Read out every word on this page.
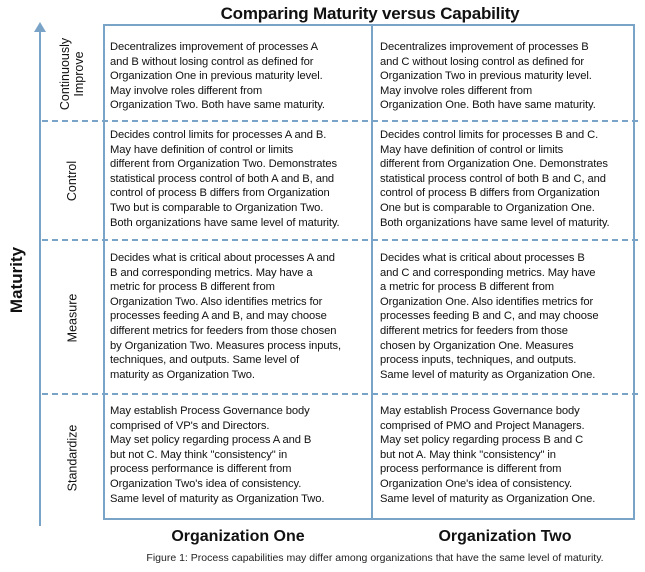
Comparing Maturity versus Capability
Maturity
Continuously
Improve
Control
Measure
Standardize

Decentralizes improvement of processes A
and B without losing control as defined for
Organization One in previous maturity level.
May involve roles different from
Organization Two. Both have same maturity.

Decentralizes improvement of processes B
and C without losing control as defined for
Organization Two in previous maturity level.
May involve roles different from
Organization One. Both have same maturity.

Decides control limits for processes A and B.
May have definition of control or limits
different from Organization Two. Demonstrates
statistical process control of both A and B, and
control of process B differs from Organization
Two but is comparable to Organization Two.
Both organizations have same level of maturity.

Decides control limits for processes B and C.
May have definition of control or limits
different from Organization One. Demonstrates
statistical process control of both B and C, and
control of process B differs from Organization
One but is comparable to Organization One.
Both organizations have same level of maturity.

Decides what is critical about processes A and
B and corresponding metrics. May have a
metric for process B different from
Organization Two. Also identifies metrics for
processes feeding A and B, and may choose
different metrics for feeders from those chosen
by Organization Two. Measures process inputs,
techniques, and outputs. Same level of
maturity as Organization Two.

Decides what is critical about processes B
and C and corresponding metrics. May have
a metric for process B different from
Organization One. Also identifies metrics for
processes feeding B and C, and may choose
different metrics for feeders from those
chosen by Organization One. Measures
process inputs, techniques, and outputs.
Same level of maturity as Organization One.

May establish Process Governance body
comprised of VP's and Directors.
May set policy regarding process A and B
but not C. May think "consistency" in
process performance is different from
Organization Two's idea of consistency.
Same level of maturity as Organization Two.

May establish Process Governance body
comprised of PMO and Project Managers.
May set policy regarding process B and C
but not A. May think "consistency" in
process performance is different from
Organization One's idea of consistency.
Same level of maturity as Organization One.

Organization One	Organization Two
Figure 1: Process capabilities may differ among organizations that have the same level of maturity.
